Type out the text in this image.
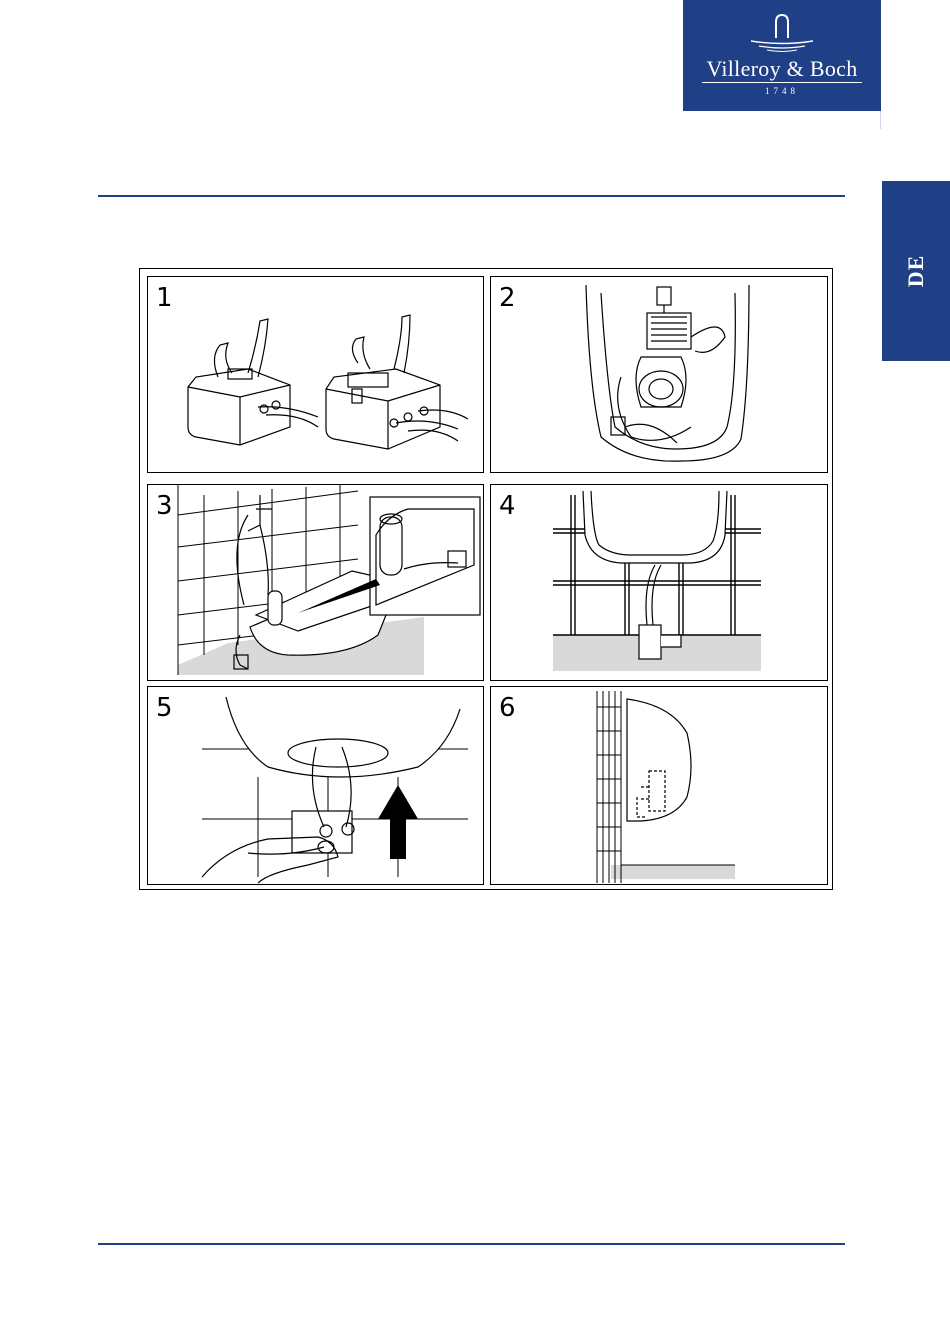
Villeroy & Boch
1748
DE
1	2
3	4
5	6
